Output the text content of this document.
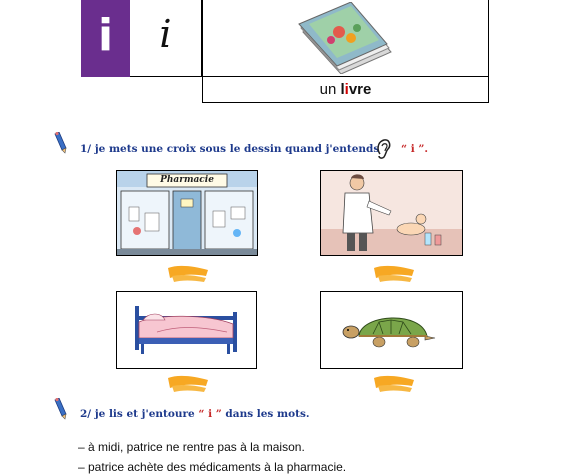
i	i
un livre
1/ je mets une croix sous le dessin quand j'entends “ i ”.
Pharmacie
2/ je lis et j'entoure “ i ” dans les mots.
– à midi, patrice ne rentre pas à la maison.
– patrice achète des médicaments à la pharmacie.
